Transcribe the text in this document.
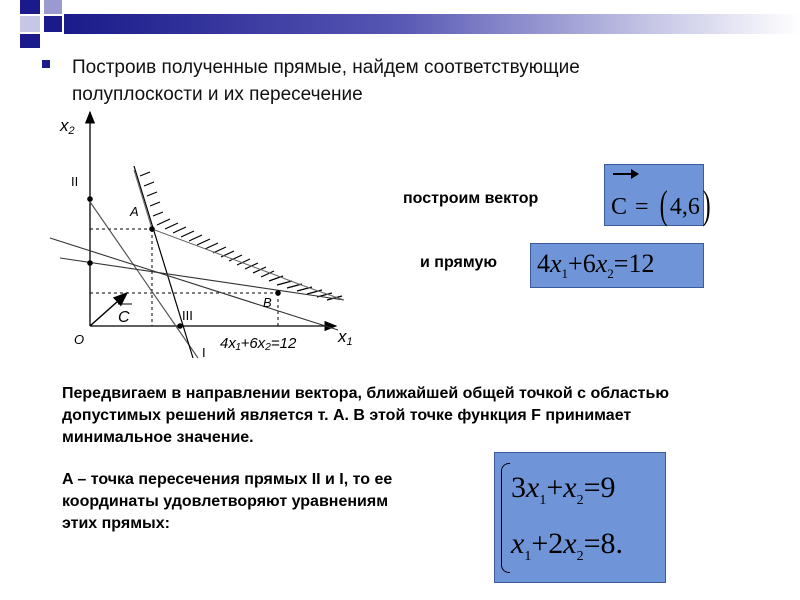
Построив полученные прямые, найдем соответствующие полуплоскости и их пересечение
x2
x1
O
A
B
C
II
III
I
4x₁+6x₂=12
построим вектор
и прямую
C = ( 4,6)
$4x_1+6x_2=12$
Передвигаем в направлении вектора, ближайшей общей точкой с областью допустимых решений является т. A. В этой точке функция F принимает минимальное значение.
A – точка пересечения прямых II и I, то ее координаты удовлетворяют уравнениям этих прямых:
$3x_1+x_2=9$
$x_1+2x_2=8$.
